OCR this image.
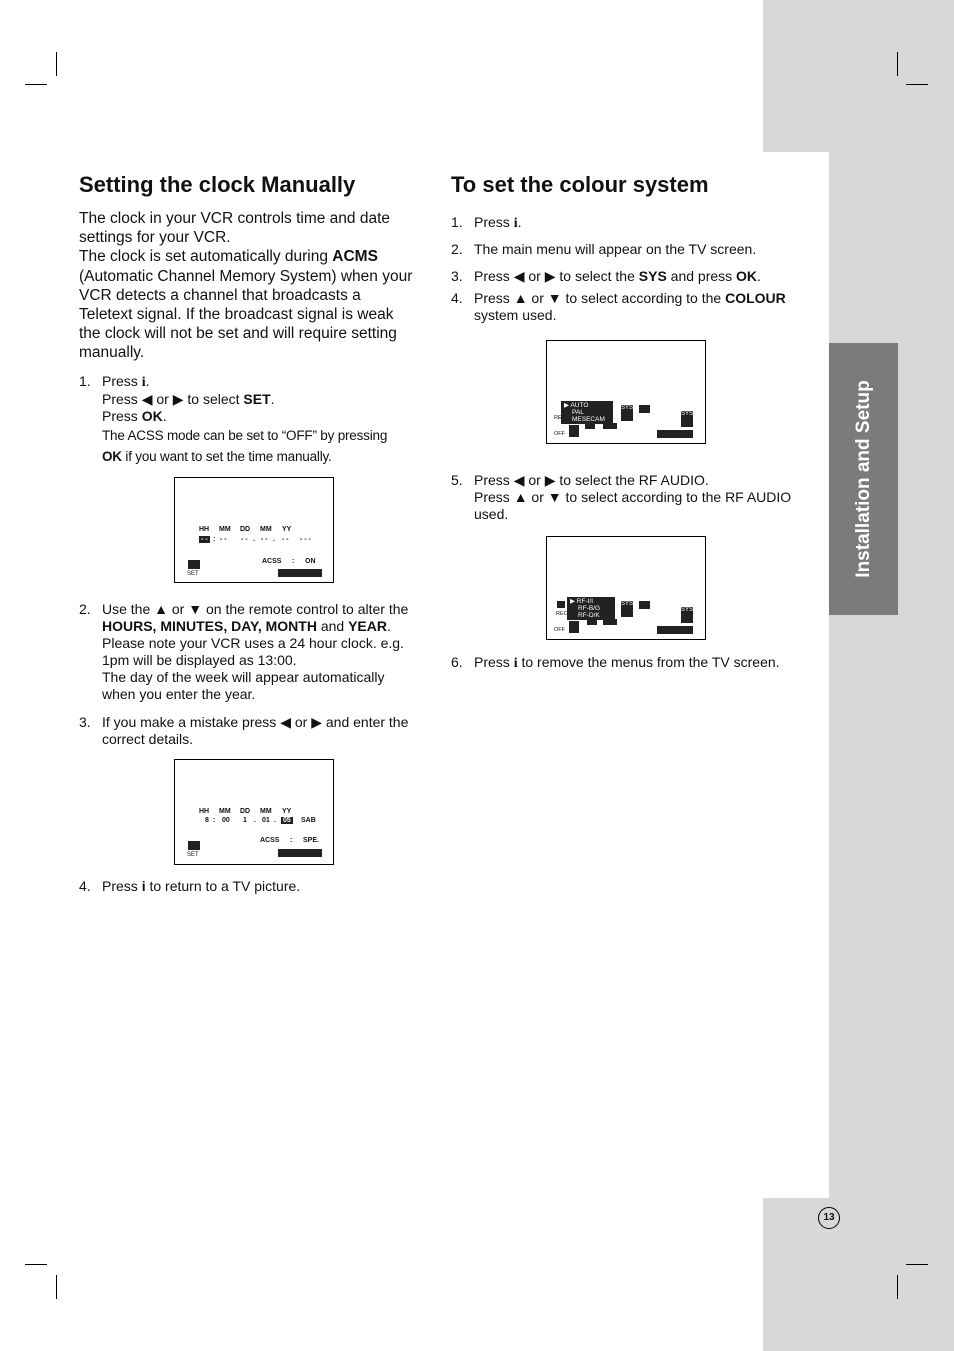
Installation and Setup
Setting the clock Manually
The clock in your VCR controls time and date
settings for your VCR.
The clock is set automatically during ACMS
(Automatic Channel Memory System) when your
VCR detects a channel that broadcasts a
Teletext signal. If the broadcast signal is weak
the clock will not be set and will require setting
manually.
1. Press i.
Press ◀ or ▶ to select SET.
Press OK.
The ACSS mode can be set to “OFF” by pressing
OK if you want to set the time manually.
HH MM DD MM YY
- - : - - - - . - - . - - - - -
ACSS : ON
SET
2. Use the ▲ or ▼ on the remote control to alter the
HOURS, MINUTES, DAY, MONTH and YEAR.
Please note your VCR uses a 24 hour clock. e.g.
1pm will be displayed as 13:00.
The day of the week will appear automatically
when you enter the year.
3. If you make a mistake press ◀ or ▶ and enter the
correct details.
HH MM DD MM YY
8 : 00 1 . 01 . 05 SAB
ACSS : SPE.
SET
4. Press i to return to a TV picture.
To set the colour system
1. Press i.
2. The main menu will appear on the TV screen.
3. Press ◀ or ▶ to select the SYS and press OK.
4. Press ▲ or ▼ to select according to the COLOUR
system used.
▶ AUTO
PAL
MESECAM
REC
OFF
SYS
SYS
5. Press ◀ or ▶ to select the RF AUDIO.
Press ▲ or ▼ to select according to the RF AUDIO
used.
▶ RF-I/I
RF-B/G
RF-D/K
REC
OFF
SYS
SYS
6. Press i to remove the menus from the TV screen.
13
